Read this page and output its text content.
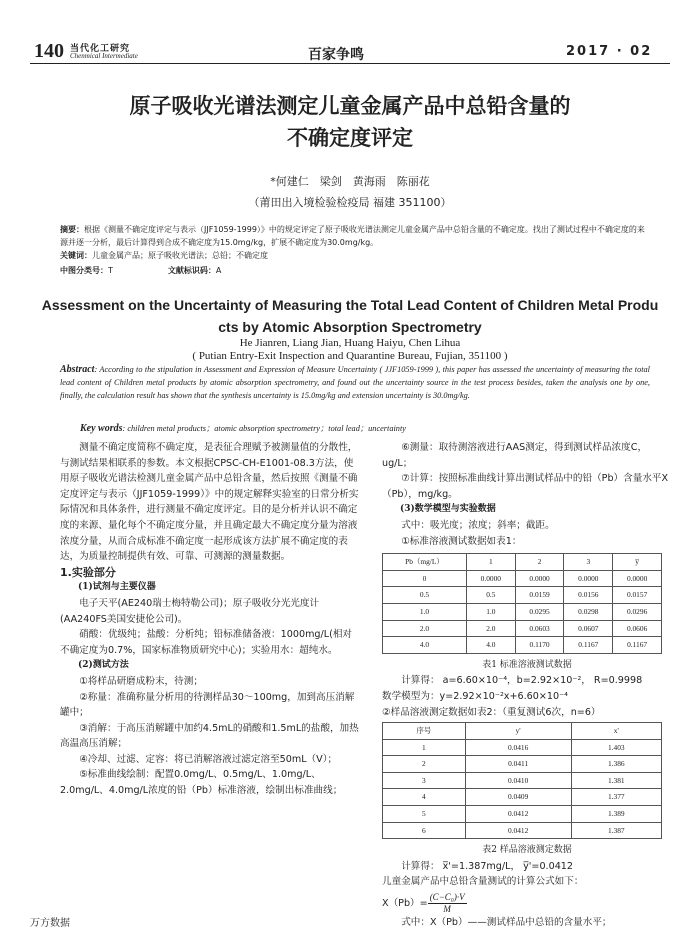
140 当代化工研究
Chenmical Intermediate	百家争鸣	2017 · 02
原子吸收光谱法测定儿童金属产品中总铅含量的
不确定度评定
*何建仁　梁剑　黄海雨　陈丽花
（莆田出入境检验检疫局 福建 351100）
摘要：根据《测量不确定度评定与表示（JJF1059-1999）》中的规定评定了原子吸收光谱法测定儿童金属产品中总铅含量的不确定度。找出了测试过程中不确定度的来源并逐一分析，最后计算得到合成不确定度为15.0mg/kg，扩展不确定度为30.0mg/kg。
关键词：儿童金属产品；原子吸收光谱法；总铅；不确定度
中图分类号：T	文献标识码：A
Assessment on the Uncertainty of Measuring the Total Lead Content of Children Metal Produ
cts by Atomic Absorption Spectrometry
He Jianren, Liang Jian, Huang Haiyu, Chen Lihua
( Putian Entry-Exit Inspection and Quarantine Bureau, Fujian, 351100 )
Abstract: According to the stipulation in Assessment and Expression of Measure Uncertainty ( JJF1059-1999 ), this paper has assessed the uncertainty of measuring the total lead content of Children metal products by atomic absorption spectrometry, and found out the uncertainty source in the test process besides, taken the analysis one by one, finally, the calculation result has shown that the synthesis uncertainty is 15.0mg/kg and extension uncertainty is 30.0mg/kg.
Key words: children metal products；atomic absorption spectrometry；total lead；uncertainty

测量不确定度简称不确定度，是表征合理赋予被测量值的分散性，与测试结果相联系的参数。本文根据CPSC-CH-E1001-08.3方法，使用原子吸收光谱法检测儿童金属产品中总铅含量，然后按照《测量不确定度评定与表示（JJF1059-1999）》中的规定解释实验室的日常分析实际情况和具体条件，进行测量不确定度评定。目的是分析并认识不确定度的来源、量化每个不确定度分量，并且确定最大不确定度分量为溶液浓度分量，从而合成标准不确定度一起形成该方法扩展不确定度的表达，为质量控制提供有效、可靠、可测源的测量数据。

1.实验部分

(1)试剂与主要仪器

电子天平(AE240瑞士梅特勒公司)；原子吸收分光光度计(AA240FS美国安捷伦公司)。

硝酸：优级纯；盐酸：分析纯；铅标准储备液：1000mg/L(相对不确定度为0.7%，国家标准物质研究中心)；实验用水：超纯水。

(2)测试方法

①将样品研磨成粉末，待测；

②称量：准确称量分析用的待测样品30～100mg，加到高压消解罐中；

③消解：于高压消解罐中加约4.5mL的硝酸和1.5mL的盐酸，加热高温高压消解；

④冷却、过滤、定容：将已消解溶液过滤定溶至50mL（V）；

⑤标准曲线绘制：配置0.0mg/L、0.5mg/L、1.0mg/L、2.0mg/L、4.0mg/L浓度的铅（Pb）标准溶液，绘制出标准曲线；

⑥测量：取待测溶液进行AAS测定，得到测试样品浓度C，ug/L；

⑦计算：按照标准曲线计算出测试样品中的铅（Pb）含量水平X（Pb），mg/kg。

(3)数学模型与实验数据

式中：吸光度；浓度；斜率；截距。

①标准溶液测试数据如表1：

Pb（mg/L）	1	2	3	y̅
0	0.0000	0.0000	0.0000	0.0000
0.5	0.5	0.0159	0.0156	0.0157
1.0	1.0	0.0295	0.0298	0.0296
2.0	2.0	0.0603	0.0607	0.0606
4.0	4.0	0.1170	0.1167	0.1167

表1 标准溶液测试数据

计算得： a=6.60×10⁻⁴，b=2.92×10⁻²， R=0.9998

数学模型为：y=2.92×10⁻²x+6.60×10⁻⁴

②样品溶液测定数据如表2：（重复测试6次，n=6）

序号	y'	x'
1	0.0416	1.403
2	0.0411	1.386
3	0.0410	1.381
4	0.0409	1.377
5	0.0412	1.389
6	0.0412	1.387

表2 样品溶液测定数据

计算得： x̅'=1.387mg/L， y̅'=0.0412

儿童金属产品中总铅含量测试的计算公式如下：

$X(Pb)= \frac{\text{(C−C₀)·V}}{M}$

式中：X（Pb）——测试样品中总铅的含量水平；

万方数据
